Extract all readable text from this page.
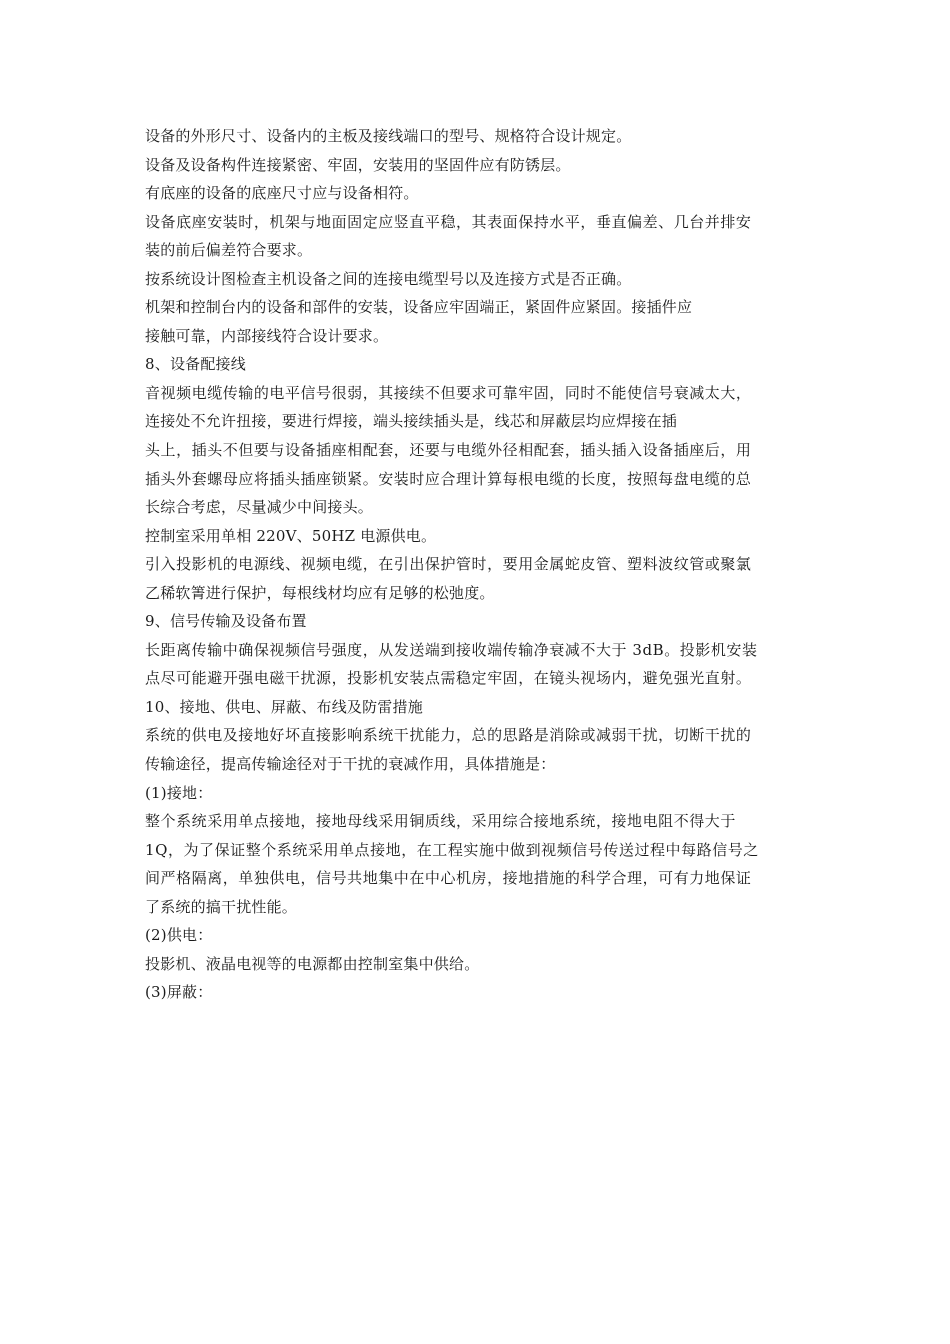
设备的外形尺寸、设备内的主板及接线端口的型号、规格符合设计规定。
设备及设备构件连接紧密、牢固，安装用的坚固件应有防锈层。
有底座的设备的底座尺寸应与设备相符。
设备底座安装时，机架与地面固定应竖直平稳，其表面保持水平，垂直偏差、几台并排安
装的前后偏差符合要求。
按系统设计图检查主机设备之间的连接电缆型号以及连接方式是否正确。
机架和控制台内的设备和部件的安装，设备应牢固端正，紧固件应紧固。接插件应
接触可靠，内部接线符合设计要求。
8、设备配接线
音视频电缆传输的电平信号很弱，其接续不但要求可靠牢固，同时不能使信号衰减太大，
连接处不允许扭接，要进行焊接，端头接续插头是，线芯和屏蔽层均应焊接在插
头上，插头不但要与设备插座相配套，还要与电缆外径相配套，插头插入设备插座后，用
插头外套螺母应将插头插座锁紧。安装时应合理计算每根电缆的长度，按照每盘电缆的总
长综合考虑，尽量减少中间接头。
控制室采用单相 220V、50HZ 电源供电。
引入投影机的电源线、视频电缆，在引出保护管时，要用金属蛇皮管、塑料波纹管或聚氯
乙稀软箐进行保护，每根线材均应有足够的松弛度。
9、信号传输及设备布置
长距离传输中确保视频信号强度，从发送端到接收端传输净衰减不大于 3dB。投影机安装
点尽可能避开强电磁干扰源，投影机安装点需稳定牢固，在镜头视场内，避免强光直射。
10、接地、供电、屏蔽、布线及防雷措施
系统的供电及接地好坏直接影响系统干扰能力，总的思路是消除或减弱干扰，切断干扰的
传输途径，提高传输途径对于干扰的衰减作用，具体措施是：
(1)接地：
整个系统采用单点接地，接地母线采用铜质线，采用综合接地系统，接地电阻不得大于
1Q，为了保证整个系统采用单点接地，在工程实施中做到视频信号传送过程中每路信号之
间严格隔离，单独供电，信号共地集中在中心机房，接地措施的科学合理，可有力地保证
了系统的搞干扰性能。
(2)供电：
投影机、液晶电视等的电源都由控制室集中供给。
(3)屏蔽：
